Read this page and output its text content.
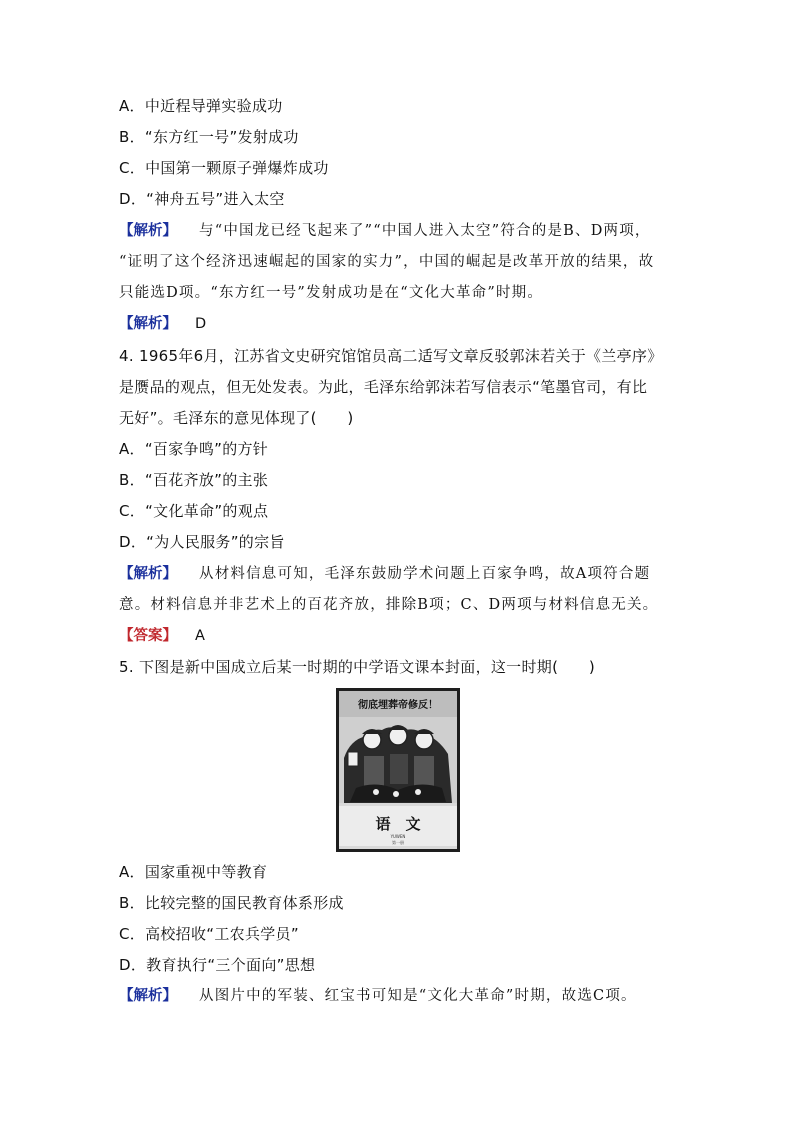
A．中近程导弹实验成功
B．“东方红一号”发射成功
C．中国第一颗原子弹爆炸成功
D．“神舟五号”进入太空
【解析】 与“中国龙已经飞起来了”“中国人进入太空”符合的是B、D两项，
“证明了这个经济迅速崛起的国家的实力”，中国的崛起是改革开放的结果，故
只能选D项。“东方红一号”发射成功是在“文化大革命”时期。
【解析】 D
4. 1965年6月，江苏省文史研究馆馆员高二适写文章反驳郭沫若关于《兰亭序》
是赝品的观点，但无处发表。为此，毛泽东给郭沫若写信表示“笔墨官司，有比
无好”。毛泽东的意见体现了(　　)
A．“百家争鸣”的方针
B．“百花齐放”的主张
C．“文化革命”的观点
D．“为人民服务”的宗旨
【解析】 从材料信息可知，毛泽东鼓励学术问题上百家争鸣，故A项符合题
意。材料信息并非艺术上的百花齐放，排除B项；C、D两项与材料信息无关。
【答案】 A
5. 下图是新中国成立后某一时期的中学语文课本封面，这一时期(　　)
彻底埋葬帝修反！
语　文
YUWEN
第一册
A．国家重视中等教育
B．比较完整的国民教育体系形成
C．高校招收“工农兵学员”
D．教育执行“三个面向”思想
【解析】 从图片中的军装、红宝书可知是“文化大革命”时期，故选C项。
